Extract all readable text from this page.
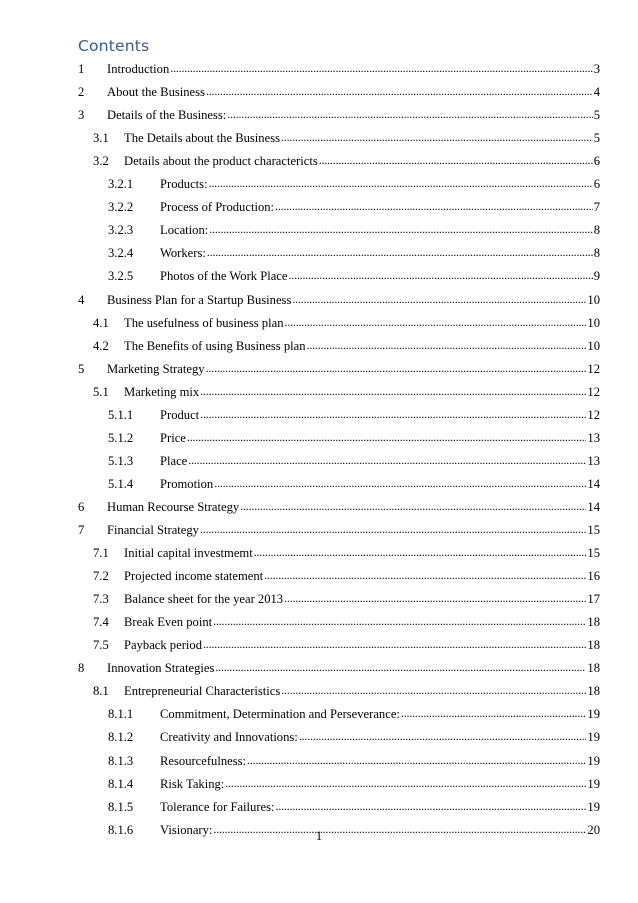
Contents
1	Introduction . . .	3
2	About the Business . . .	4
3	Details of the Business: . . .	5
3.1	The Details about the Business . . .	5
3.2	Details about the product charactericts . . .	6
3.2.1	Products: . . .	6
3.2.2	Process of Production: . . .	7
3.2.3	Location: . . .	8
3.2.4	Workers: . . .	8
3.2.5	Photos of the Work Place . . .	9
4	Business Plan for a Startup Business . . .	10
4.1	The usefulness of business plan . . .	10
4.2	The Benefits of using Business plan . . .	10
5	Marketing Strategy . . .	12
5.1	Marketing mix . . .	12
5.1.1	Product . . .	12
5.1.2	Price . . .	13
5.1.3	Place . . .	13
5.1.4	Promotion . . .	14
6	Human Recourse Strategy . . .	14
7	Financial Strategy . . .	15
7.1	Initial capital investmemt . . .	15
7.2	Projected income statement . . .	16
7.3	Balance sheet for the year 2013 . . .	17
7.4	Break Even point . . .	18
7.5	Payback period . . .	18
8	Innovation Strategies . . .	18
8.1	Entrepreneurial Characteristics . . .	18
8.1.1	Commitment, Determination and Perseverance: . . .	19
8.1.2	Creativity and Innovations: . . .	19
8.1.3	Resourcefulness: . . .	19
8.1.4	Risk Taking: . . .	19
8.1.5	Tolerance for Failures: . . .	19
8.1.6	Visionary: . . .	20
1
